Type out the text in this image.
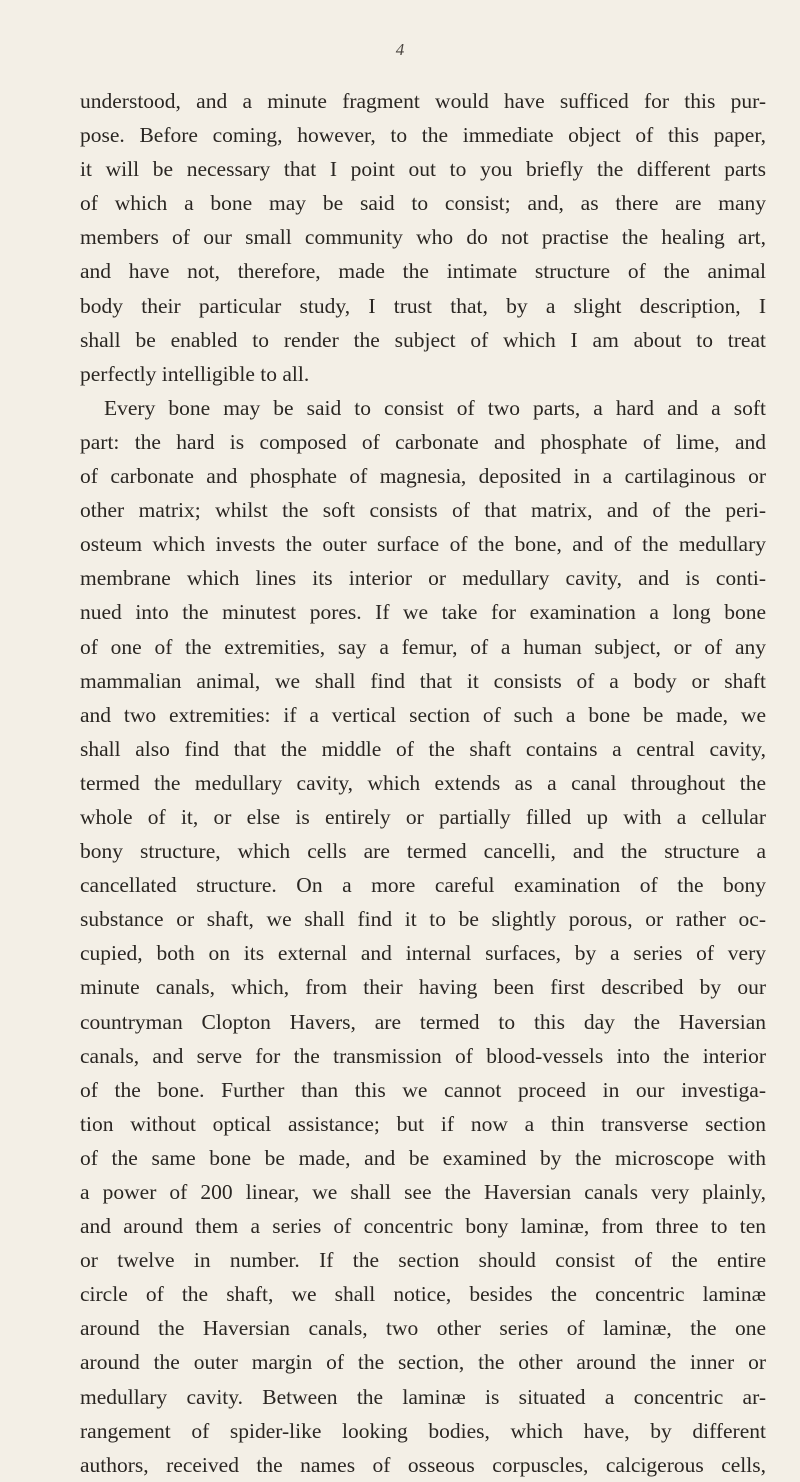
4
understood, and a minute fragment would have sufficed for this pur-
pose. Before coming, however, to the immediate object of this paper,
it will be necessary that I point out to you briefly the different parts
of which a bone may be said to consist; and, as there are many
members of our small community who do not practise the healing art,
and have not, therefore, made the intimate structure of the animal
body their particular study, I trust that, by a slight description, I
shall be enabled to render the subject of which I am about to treat
perfectly intelligible to all.
Every bone may be said to consist of two parts, a hard and a soft
part: the hard is composed of carbonate and phosphate of lime, and
of carbonate and phosphate of magnesia, deposited in a cartilaginous or
other matrix; whilst the soft consists of that matrix, and of the peri-
osteum which invests the outer surface of the bone, and of the medullary
membrane which lines its interior or medullary cavity, and is conti-
nued into the minutest pores. If we take for examination a long bone
of one of the extremities, say a femur, of a human subject, or of any
mammalian animal, we shall find that it consists of a body or shaft
and two extremities: if a vertical section of such a bone be made, we
shall also find that the middle of the shaft contains a central cavity,
termed the medullary cavity, which extends as a canal throughout the
whole of it, or else is entirely or partially filled up with a cellular
bony structure, which cells are termed cancelli, and the structure a
cancellated structure. On a more careful examination of the bony
substance or shaft, we shall find it to be slightly porous, or rather oc-
cupied, both on its external and internal surfaces, by a series of very
minute canals, which, from their having been first described by our
countryman Clopton Havers, are termed to this day the Haversian
canals, and serve for the transmission of blood-vessels into the interior
of the bone. Further than this we cannot proceed in our investiga-
tion without optical assistance; but if now a thin transverse section
of the same bone be made, and be examined by the microscope with
a power of 200 linear, we shall see the Haversian canals very plainly,
and around them a series of concentric bony laminæ, from three to ten
or twelve in number. If the section should consist of the entire
circle of the shaft, we shall notice, besides the concentric laminæ
around the Haversian canals, two other series of laminæ, the one
around the outer margin of the section, the other around the inner or
medullary cavity. Between the laminæ is situated a concentric ar-
rangement of spider-like looking bodies, which have, by different
authors, received the names of osseous corpuscles, calcigerous cells,
